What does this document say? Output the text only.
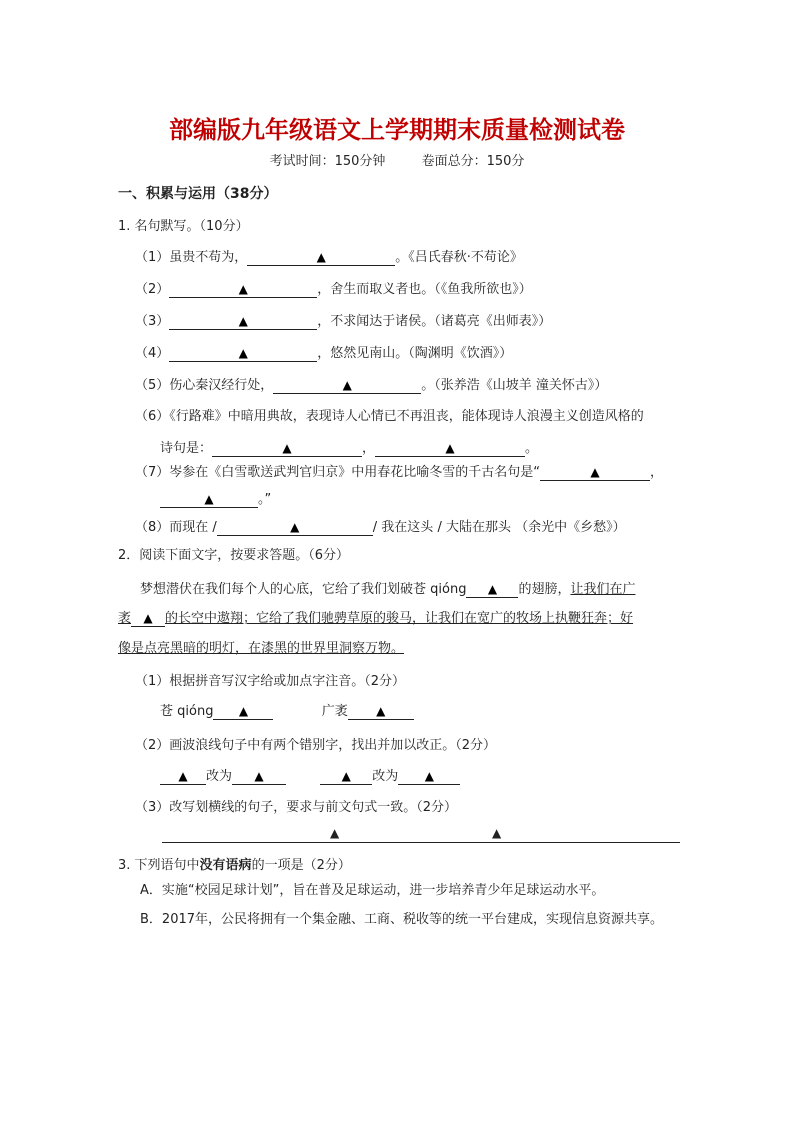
部编版九年级语文上学期期末质量检测试卷
考试时间：150分钟	卷面总分：150分
一、积累与运用（38分）
1. 名句默写。（10分）
（1）虽贵不苟为，	▲	。《吕氏春秋·不苟论》
（2）	▲	，舍生而取义者也。（《鱼我所欲也》）
（3）	▲	，不求闻达于诸侯。（诸葛亮《出师表》）
（4）	▲	，悠然见南山。（陶渊明《饮酒》）
（5）伤心秦汉经行处，	▲	。（张养浩《山坡羊 潼关怀古》）
（6）《行路难》中暗用典故，表现诗人心情已不再沮丧，能体现诗人浪漫主义创造风格的
诗句是：	▲	，	▲	。
（7）岑参在《白雪歌送武判官归京》中用春花比喻冬雪的千古名句是“	▲	，
▲	。”
（8）而现在 /	▲	/ 我在这头 / 大陆在那头 （余光中《乡愁》）
2．阅读下面文字，按要求答题。（6分）
梦想潜伏在我们每个人的心底，它给了我们划破苍 qióng ▲ 的翅膀，让我们在广
袤 ▲ 的长空中遨翔；它给了我们驰骋草原的骏马，让我们在宽广的牧场上执鞭狂奔；好
像是点亮黑暗的明灯，在漆黑的世界里洞察万物。
（1）根据拼音写汉字给或加点字注音。（2分）
苍 qióng ▲	广袤 ▲
（2）画波浪线句子中有两个错别字，找出并加以改正。（2分）
▲ 改为 ▲	▲ 改为 ▲
（3）改写划横线的句子，要求与前文句式一致。（2分）
▲	▲
3. 下列语句中没有语病的一项是（2分）
A．实施“校园足球计划”，旨在普及足球运动，进一步培养青少年足球运动水平。
B．2017年，公民将拥有一个集金融、工商、税收等的统一平台建成，实现信息资源共享。
